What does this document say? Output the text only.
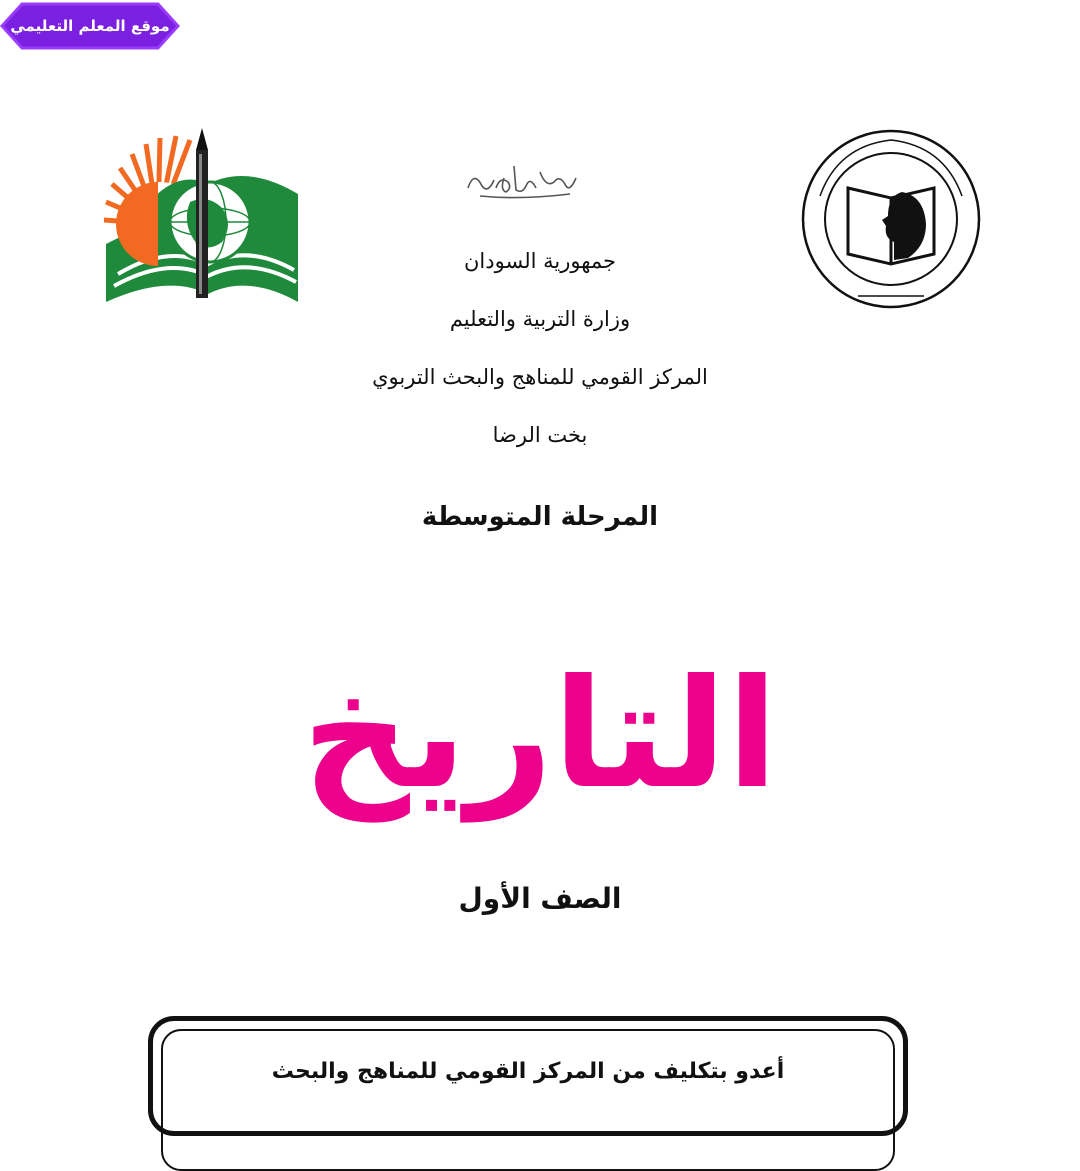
موقع المعلم التعليمي
جمهورية السودان
وزارة التربية والتعليم
المركز القومي للمناهج والبحث التربوي
بخت الرضا
المرحلة المتوسطة
التاريخ
الصف الأول
أعدو بتكليف من المركز القومي للمناهج والبحث
